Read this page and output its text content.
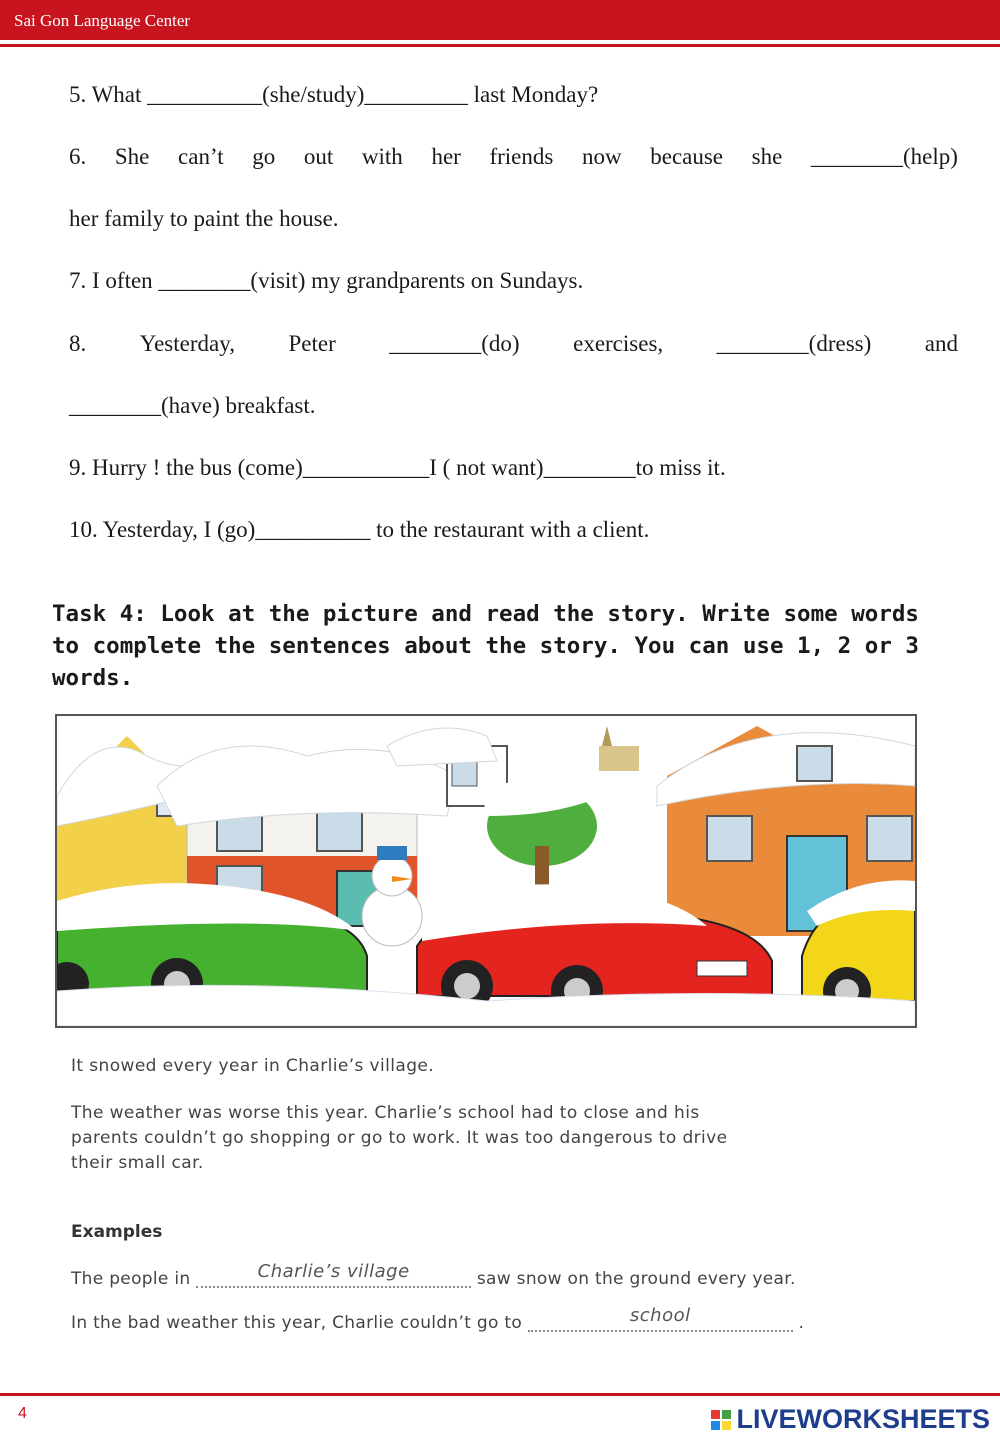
Sai Gon Language Center
5. What __________(she/study)_________ last Monday?
6. She can’t go out with her friends now because she ________(help)
her family to paint the house.
7. I often ________(visit) my grandparents on Sundays.
8. Yesterday, Peter ________(do) exercises, ________(dress) and
________(have) breakfast.
9. Hurry ! the bus (come)___________I ( not want)________to miss it.
10. Yesterday, I (go)__________ to the restaurant with a client.
Task 4: Look at the picture and read the story. Write some words to complete the sentences about the story. You can use 1, 2 or 3 words.
It snowed every year in Charlie’s village.
The weather was worse this year. Charlie’s school had to close and his
parents couldn’t go shopping or go to work. It was too dangerous to drive
their small car.
Examples
The people in	Charlie’s village	saw snow on the ground every year.
In the bad weather this year, Charlie couldn’t go to	school	.
4	LIVEWORKSHEETS
